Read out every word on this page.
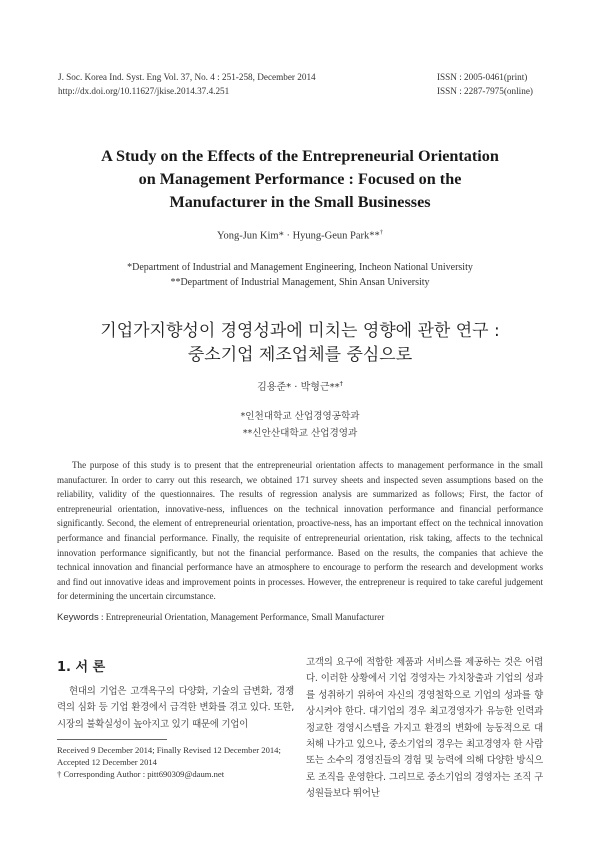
J. Soc. Korea Ind. Syst. Eng Vol. 37, No. 4 : 251-258, December 2014
http://dx.doi.org/10.11627/jkise.2014.37.4.251
ISSN : 2005-0461(print)
ISSN : 2287-7975(online)
A Study on the Effects of the Entrepreneurial Orientation
on Management Performance : Focused on the
Manufacturer in the Small Businesses
Yong-Jun Kim* · Hyung-Geun Park**†
*Department of Industrial and Management Engineering, Incheon National University
**Department of Industrial Management, Shin Ansan University
기업가지향성이 경영성과에 미치는 영향에 관한 연구 :
중소기업 제조업체를 중심으로
김용준* · 박형근**†
*인천대학교 산업경영공학과
**신안산대학교 산업경영과
The purpose of this study is to present that the entrepreneurial orientation affects to management performance in the small manufacturer. In order to carry out this research, we obtained 171 survey sheets and inspected seven assumptions based on the reliability, validity of the questionnaires. The results of regression analysis are summarized as follows; First, the factor of entrepreneurial orientation, innovative-ness, influences on the technical innovation performance and financial performance significantly. Second, the element of entrepreneurial orientation, proactive-ness, has an important effect on the technical innovation performance and financial performance. Finally, the requisite of entrepreneurial orientation, risk taking, affects to the technical innovation performance significantly, but not the financial performance. Based on the results, the companies that achieve the technical innovation and financial performance have an atmosphere to encourage to perform the research and development works and find out innovative ideas and improvement points in processes. However, the entrepreneur is required to take careful judgement for determining the uncertain circumstance.
Keywords : Entrepreneurial Orientation, Management Performance, Small Manufacturer
1. 서 론
현대의 기업은 고객욕구의 다양화, 기술의 급변화, 경쟁력의 심화 등 기업 환경에서 급격한 변화를 겪고 있다. 또한, 시장의 불확실성이 높아지고 있기 때문에 기업이
고객의 요구에 적합한 제품과 서비스를 제공하는 것은 어렵다. 이러한 상황에서 기업 경영자는 가치창출과 기업의 성과를 성취하기 위하여 자신의 경영철학으로 기업의 성과를 향상시켜야 한다. 대기업의 경우 최고경영자가 유능한 인력과 정교한 경영시스템을 가지고 환경의 변화에 능동적으로 대처해 나가고 있으나, 중소기업의 경우는 최고경영자 한 사람 또는 소수의 경영진들의 경험 및 능력에 의해 다양한 방식으로 조직을 운영한다. 그리므로 중소기업의 경영자는 조직 구성원들보다 뛰어난
Received 9 December 2014; Finally Revised 12 December 2014;
Accepted 12 December 2014
† Corresponding Author : pitt690309@daum.net
